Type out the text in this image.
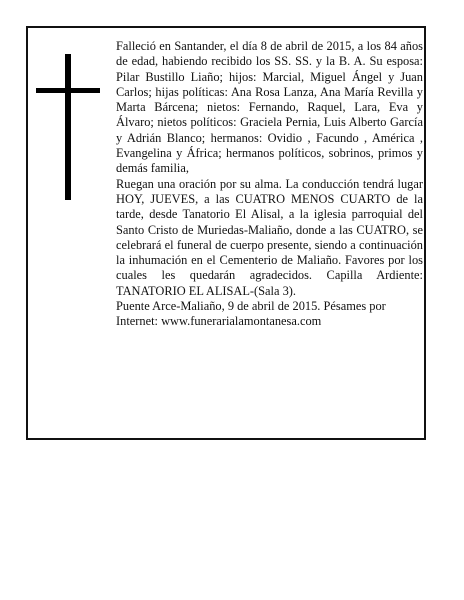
Falleció en Santander, el día 8 de abril de 2015, a los 84 años de edad, habiendo recibido los SS. SS. y la B. A. Su esposa: Pilar Bustillo Liaño; hijos: Marcial, Miguel Ángel y Juan Carlos; hijas políticas: Ana Rosa Lanza, Ana María Revilla y Marta Bárcena; nietos: Fernando, Raquel, Lara, Eva y Álvaro; nietos políticos: Graciela Pernia, Luis Alberto García y Adrián Blanco; hermanos: Ovidio , Facundo , América , Evangelina y África; hermanos políticos, sobrinos, primos y demás familia,

Ruegan una oración por su alma. La conducción tendrá lugar HOY, JUEVES, a las CUATRO MENOS CUARTO de la tarde, desde Tanatorio El Alisal, a la iglesia parroquial del Santo Cristo de Muriedas-Maliaño, donde a las CUATRO, se celebrará el funeral de cuerpo presente, siendo a continuación la inhumación en el Cementerio de Maliaño. Favores por los cuales les quedarán agradecidos. Capilla Ardiente: TANATORIO EL ALISAL-(Sala 3).

Puente Arce-Maliaño, 9 de abril de 2015. Pésames por Internet: www.funerarialamontanesa.com
